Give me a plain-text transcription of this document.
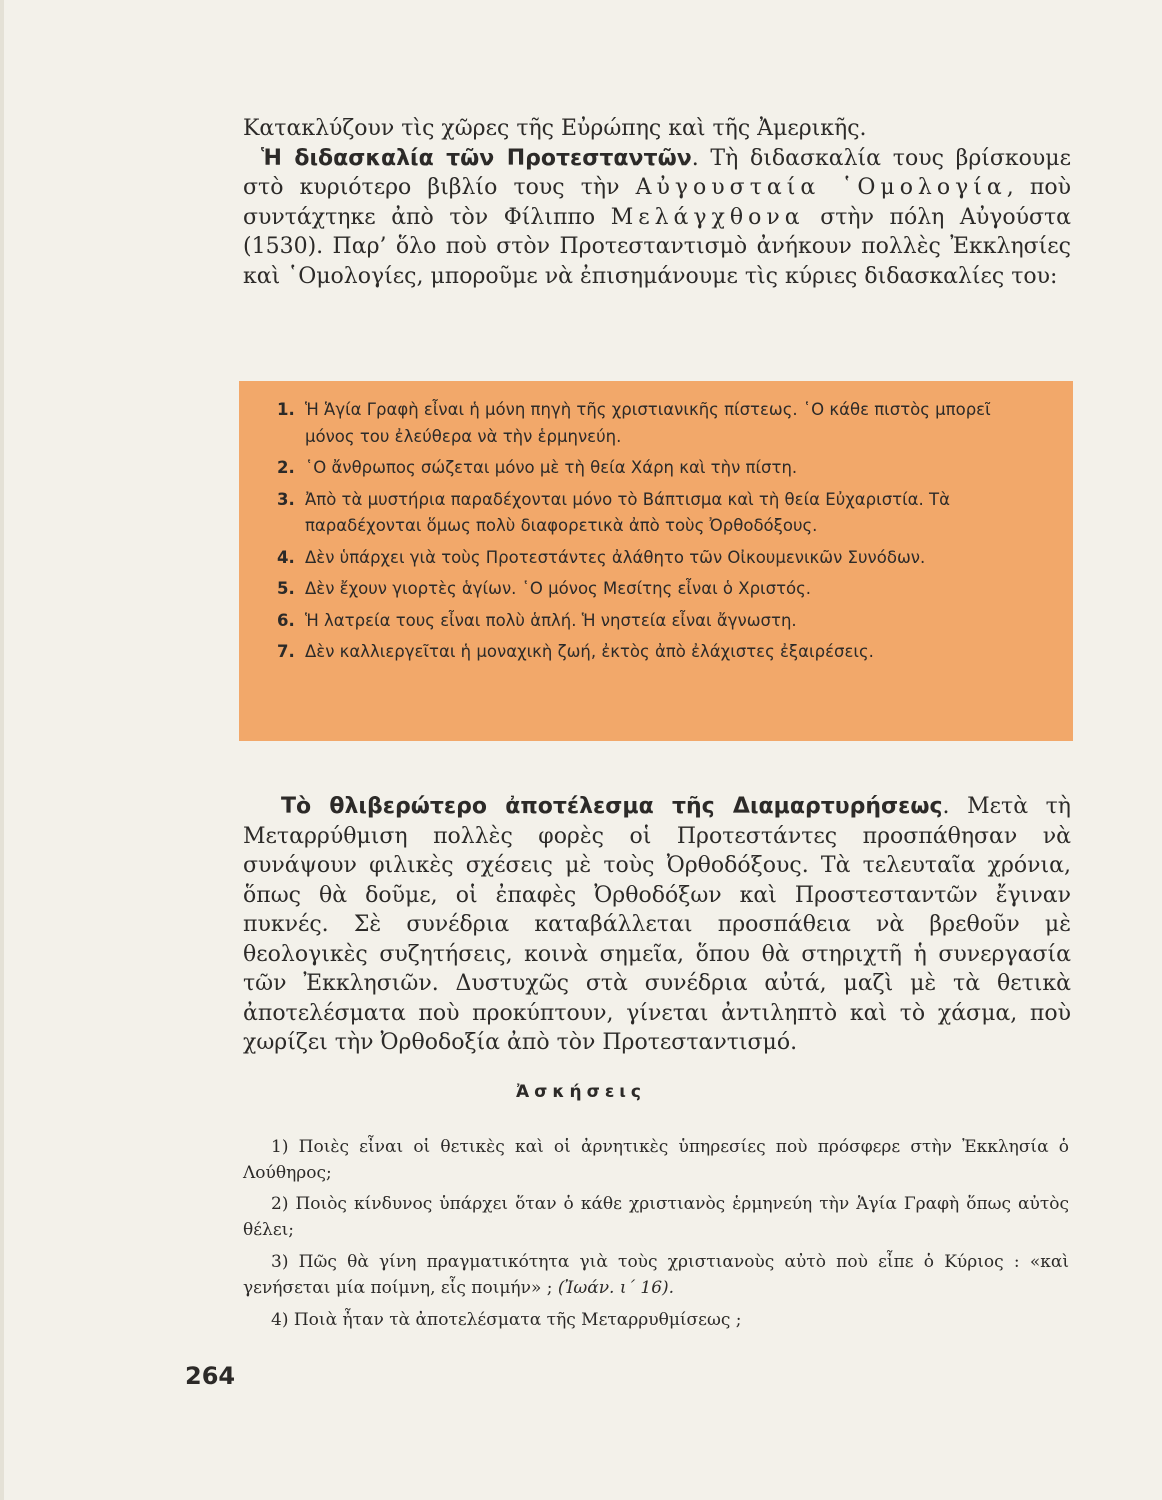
Κατακλύζουν τὶς χῶρες τῆς Εὐρώπης καὶ τῆς Ἀμερικῆς.
Ἡ διδασκαλία τῶν Προτεσταντῶν. Τὴ διδασκαλία τους βρίσκουμε στὸ κυριότερο βιβλίο τους τὴν Αὐγουσταία ῾Ομολογία, ποὺ συντάχτηκε ἀπὸ τὸν Φίλιππο Μελάγχθονα στὴν πόλη Αὐγούστα (1530). Παρ’ ὅλο ποὺ στὸν Προτεσταντισμὸ ἀνήκουν πολλὲς Ἐκκλησίες καὶ ῾Ομολογίες, μποροῦμε νὰ ἐπισημάνουμε τὶς κύριες διδασκαλίες του:
1. Ἡ Ἁγία Γραφὴ εἶναι ἡ μόνη πηγὴ τῆς χριστιανικῆς πίστεως. ῾Ο κάθε πιστὸς μπορεῖ μόνος του ἐλεύθερα νὰ τὴν ἑρμηνεύη.
2. ῾Ο ἄνθρωπος σώζεται μόνο μὲ τὴ θεία Χάρη καὶ τὴν πίστη.
3. Ἀπὸ τὰ μυστήρια παραδέχονται μόνο τὸ Βάπτισμα καὶ τὴ θεία Εὐχαριστία. Τὰ παραδέχονται ὅμως πολὺ διαφορετικὰ ἀπὸ τοὺς Ὀρθοδόξους.
4. Δὲν ὑπάρχει γιὰ τοὺς Προτεστάντες ἀλάθητο τῶν Οἰκουμενικῶν Συνόδων.
5. Δὲν ἔχουν γιορτὲς ἁγίων. ῾Ο μόνος Μεσίτης εἶναι ὁ Χριστός.
6. Ἡ λατρεία τους εἶναι πολὺ ἁπλή. Ἡ νηστεία εἶναι ἄγνωστη.
7. Δὲν καλλιεργεῖται ἡ μοναχικὴ ζωή, ἐκτὸς ἀπὸ ἐλάχιστες ἐξαιρέσεις.
Τὸ θλιβερώτερο ἀποτέλεσμα τῆς Διαμαρτυρήσεως. Μετὰ τὴ Μεταρρύθμιση πολλὲς φορὲς οἱ Προτεστάντες προσπάθησαν νὰ συνάψουν φιλικὲς σχέσεις μὲ τοὺς Ὀρθοδόξους. Τὰ τελευταῖα χρόνια, ὅπως θὰ δοῦμε, οἱ ἐπαφὲς Ὀρθοδόξων καὶ Προστεσταντῶν ἔγιναν πυκνές. Σὲ συνέδρια καταβάλλεται προσπάθεια νὰ βρεθοῦν μὲ θεολογικὲς συζητήσεις, κοινὰ σημεῖα, ὅπου θὰ στηριχτῆ ἡ συνεργασία τῶν Ἐκκλησιῶν. Δυστυχῶς στὰ συνέδρια αὐτά, μαζὶ μὲ τὰ θετικὰ ἀποτελέσματα ποὺ προκύπτουν, γίνεται ἀντιληπτὸ καὶ τὸ χάσμα, ποὺ χωρίζει τὴν Ὀρθοδοξία ἀπὸ τὸν Προτεσταντισμό.
Ἀσκήσεις
1) Ποιὲς εἶναι οἱ θετικὲς καὶ οἱ ἀρνητικὲς ὑπηρεσίες ποὺ πρόσφερε στὴν Ἐκκλησία ὁ Λούθηρος;
2) Ποιὸς κίνδυνος ὑπάρχει ὅταν ὁ κάθε χριστιανὸς ἑρμηνεύη τὴν Ἁγία Γραφὴ ὅπως αὐτὸς θέλει;
3) Πῶς θὰ γίνη πραγματικότητα γιὰ τοὺς χριστιανοὺς αὐτὸ ποὺ εἶπε ὁ Κύριος : «καὶ γενήσεται μία ποίμνη, εἷς ποιμήν» ; (Ἰωάν. ι΄ 16).
4) Ποιὰ ἦταν τὰ ἀποτελέσματα τῆς Μεταρρυθμίσεως ;
264
